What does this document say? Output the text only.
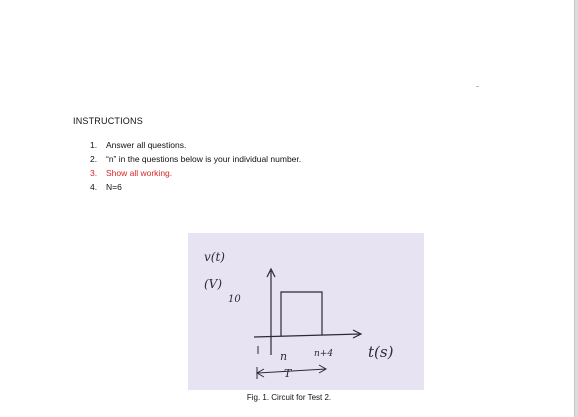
INSTRUCTIONS
1. Answer all questions.
2. “n” in the questions below is your individual number.
3. Show all working.
4. N=6
v(t)
(V)
10
n	n+4
T
t(s)
Fig. 1. Circuit for Test 2.
